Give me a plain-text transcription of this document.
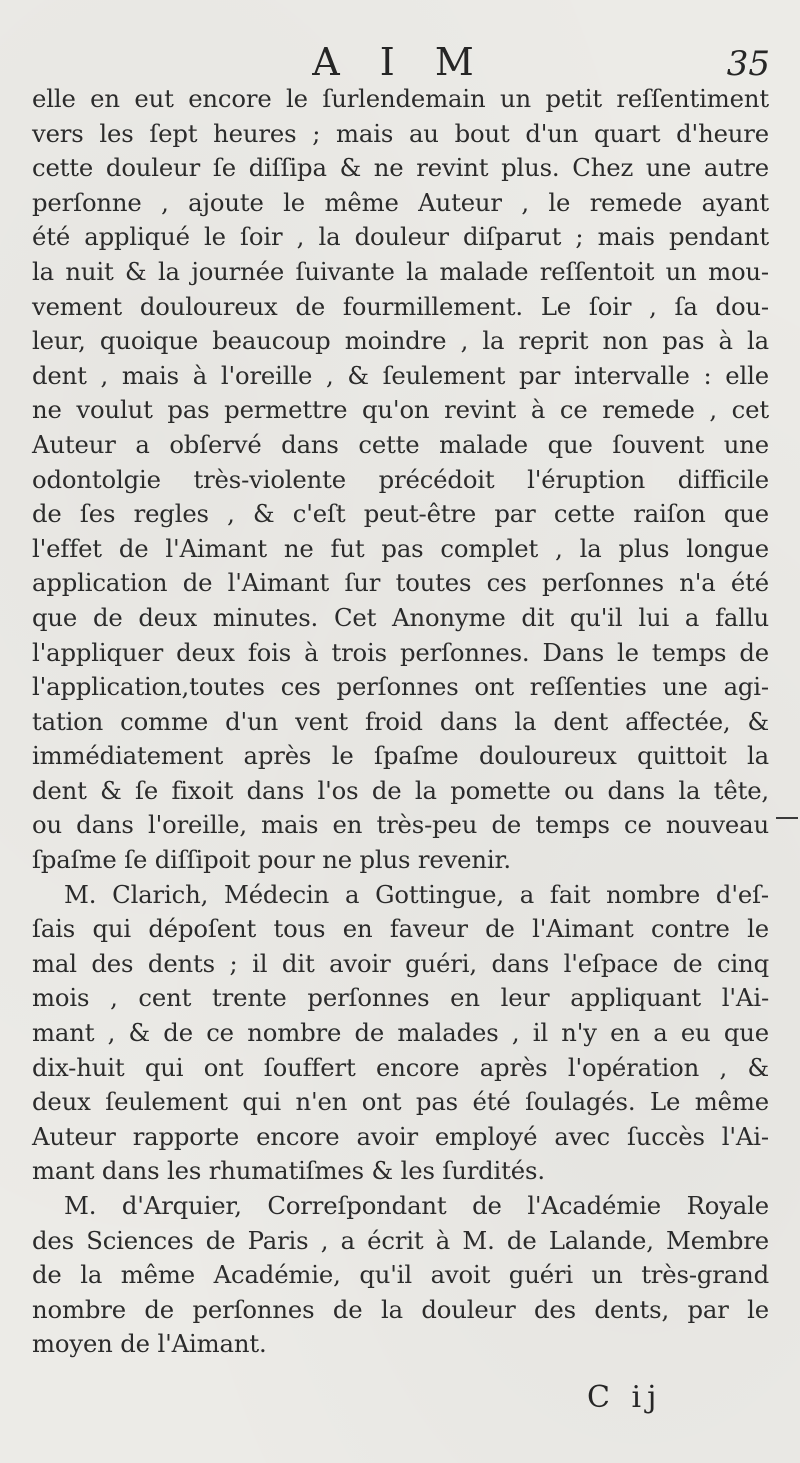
A I M	35
elle en eut encore le ſurlendemain un petit reſſentiment
vers les ſept heures ; mais au bout d'un quart d'heure
cette douleur ſe diſſipa & ne revint plus. Chez une autre
perſonne , ajoute le même Auteur , le remede ayant
été appliqué le ſoir , la douleur diſparut ; mais pendant
la nuit & la journée ſuivante la malade reſſentoit un mou-
vement douloureux de fourmillement. Le ſoir , ſa dou-
leur, quoique beaucoup moindre , la reprit non pas à la
dent , mais à l'oreille , & ſeulement par intervalle : elle
ne voulut pas permettre qu'on revint à ce remede , cet
Auteur a obſervé dans cette malade que ſouvent une
odontolgie très-violente précédoit l'éruption difficile
de ſes regles , & c'eſt peut-être par cette raiſon que
l'effet de l'Aimant ne fut pas complet , la plus longue
application de l'Aimant ſur toutes ces perſonnes n'a été
que de deux minutes. Cet Anonyme dit qu'il lui a fallu
l'appliquer deux fois à trois perſonnes. Dans le temps de
l'application,toutes ces perſonnes ont reſſenties une agi-
tation comme d'un vent froid dans la dent affectée, &
immédiatement après le ſpaſme douloureux quittoit la
dent & ſe fixoit dans l'os de la pomette ou dans la tête,
ou dans l'oreille, mais en très-peu de temps ce nouveau
ſpaſme ſe diſſipoit pour ne plus revenir.
M. Clarich, Médecin a Gottingue, a fait nombre d'eſ-
ſais qui dépoſent tous en faveur de l'Aimant contre le
mal des dents ; il dit avoir guéri, dans l'eſpace de cinq
mois , cent trente perſonnes en leur appliquant l'Ai-
mant , & de ce nombre de malades , il n'y en a eu que
dix-huit qui ont ſouffert encore après l'opération , &
deux ſeulement qui n'en ont pas été ſoulagés. Le même
Auteur rapporte encore avoir employé avec ſuccès l'Ai-
mant dans les rhumatiſmes & les ſurdités.
M. d'Arquier, Correſpondant de l'Académie Royale
des Sciences de Paris , a écrit à M. de Lalande, Membre
de la même Académie, qu'il avoit guéri un très-grand
nombre de perſonnes de la douleur des dents, par le
moyen de l'Aimant.
C ij
